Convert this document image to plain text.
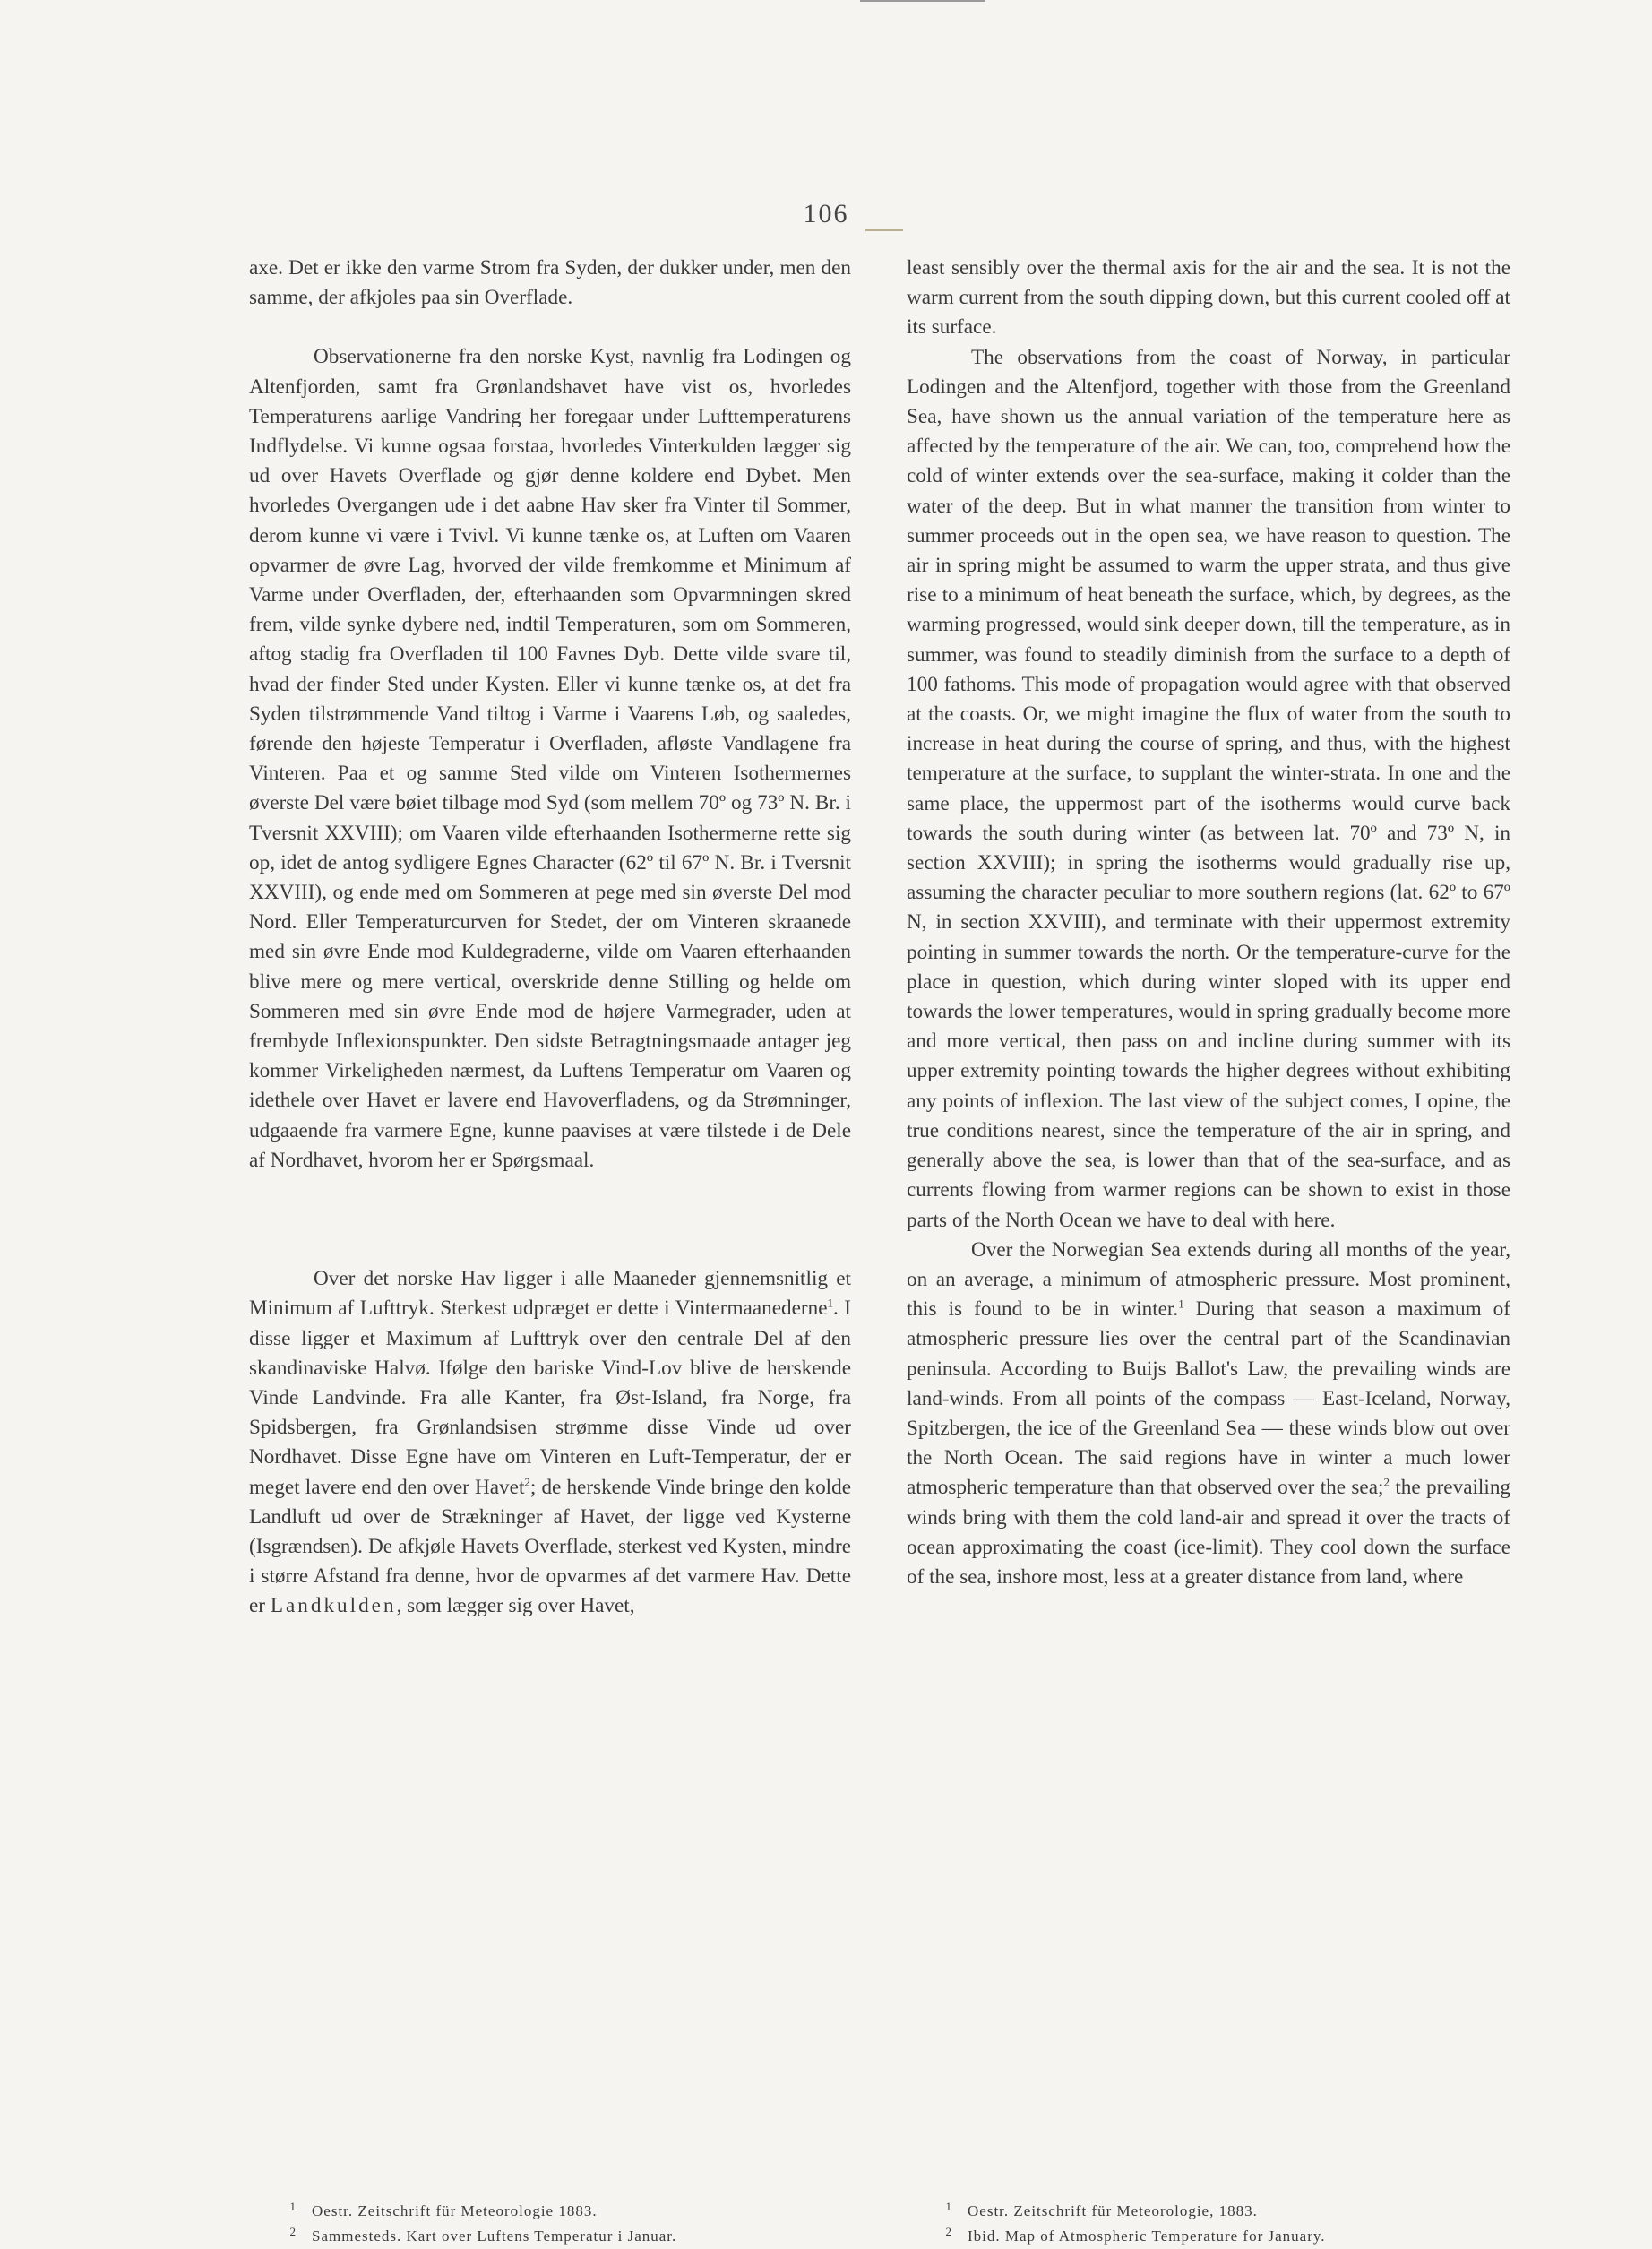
106

axe. Det er ikke den varme Strom fra Syden, der dukker under, men den samme, der afkjoles paa sin Overflade.

Observationerne fra den norske Kyst, navnlig fra Lodingen og Altenfjorden, samt fra Grønlandshavet have vist os, hvorledes Temperaturens aarlige Vandring her foregaar under Lufttemperaturens Indflydelse. Vi kunne ogsaa forstaa, hvorledes Vinterkulden lægger sig ud over Havets Overflade og gjør denne koldere end Dybet. Men hvorledes Overgangen ude i det aabne Hav sker fra Vinter til Sommer, derom kunne vi være i Tvivl. Vi kunne tænke os, at Luften om Vaaren opvarmer de øvre Lag, hvorved der vilde fremkomme et Minimum af Varme under Overfladen, der, efterhaanden som Opvarmningen skred frem, vilde synke dybere ned, indtil Temperaturen, som om Sommeren, aftog stadig fra Overfladen til 100 Favnes Dyb. Dette vilde svare til, hvad der finder Sted under Kysten. Eller vi kunne tænke os, at det fra Syden tilstrømmende Vand tiltog i Varme i Vaarens Løb, og saaledes, førende den højeste Temperatur i Overfladen, afløste Vandlagene fra Vinteren. Paa et og samme Sted vilde om Vinteren Isothermernes øverste Del være bøiet tilbage mod Syd (som mellem 70º og 73º N. Br. i Tversnit XXVIII); om Vaaren vilde efterhaanden Isothermerne rette sig op, idet de antog sydligere Egnes Character (62º til 67º N. Br. i Tversnit XXVIII), og ende med om Sommeren at pege med sin øverste Del mod Nord. Eller Temperaturcurven for Stedet, der om Vinteren skraanede med sin øvre Ende mod Kuldegraderne, vilde om Vaaren efterhaanden blive mere og mere vertical, overskride denne Stilling og helde om Sommeren med sin øvre Ende mod de højere Varmegrader, uden at frembyde Inflexionspunkter. Den sidste Betragtningsmaade antager jeg kommer Virkeligheden nærmest, da Luftens Temperatur om Vaaren og idethele over Havet er lavere end Havoverfladens, og da Strømninger, udgaaende fra varmere Egne, kunne paavises at være tilstede i de Dele af Nordhavet, hvorom her er Spørgsmaal.

Over det norske Hav ligger i alle Maaneder gjennemsnitlig et Minimum af Lufttryk. Sterkest udpræget er dette i Vintermaanederne$^1$. I disse ligger et Maximum af Lufttryk over den centrale Del af den skandinaviske Halvø. Ifølge den bariske Vind-Lov blive de herskende Vinde Landvinde. Fra alle Kanter, fra Øst-Island, fra Norge, fra Spidsbergen, fra Grønlandsisen strømme disse Vinde ud over Nordhavet. Disse Egne have om Vinteren en Luft-Temperatur, der er meget lavere end den over Havet$^2$; de herskende Vinde bringe den kolde Landluft ud over de Strækninger af Havet, der ligge ved Kysterne (Isgrændsen). De afkjøle Havets Overflade, sterkest ved Kysten, mindre i større Afstand fra denne, hvor de opvarmes af det varmere Hav. Dette er Landkulden, som lægger sig over Havet,

least sensibly over the thermal axis for the air and the sea. It is not the warm current from the south dipping down, but this current cooled off at its surface.

The observations from the coast of Norway, in particular Lodingen and the Altenfjord, together with those from the Greenland Sea, have shown us the annual variation of the temperature here as affected by the temperature of the air. We can, too, comprehend how the cold of winter extends over the sea-surface, making it colder than the water of the deep. But in what manner the transition from winter to summer proceeds out in the open sea, we have reason to question. The air in spring might be assumed to warm the upper strata, and thus give rise to a minimum of heat beneath the surface, which, by degrees, as the warming progressed, would sink deeper down, till the temperature, as in summer, was found to steadily diminish from the surface to a depth of 100 fathoms. This mode of propagation would agree with that observed at the coasts. Or, we might imagine the flux of water from the south to increase in heat during the course of spring, and thus, with the highest temperature at the surface, to supplant the winter-strata. In one and the same place, the uppermost part of the isotherms would curve back towards the south during winter (as between lat. 70º and 73º N, in section XXVIII); in spring the isotherms would gradually rise up, assuming the character peculiar to more southern regions (lat. 62º to 67º N, in section XXVIII), and terminate with their uppermost extremity pointing in summer towards the north. Or the temperature-curve for the place in question, which during winter sloped with its upper end towards the lower temperatures, would in spring gradually become more and more vertical, then pass on and incline during summer with its upper extremity pointing towards the higher degrees without exhibiting any points of inflexion. The last view of the subject comes, I opine, the true conditions nearest, since the temperature of the air in spring, and generally above the sea, is lower than that of the sea-surface, and as currents flowing from warmer regions can be shown to exist in those parts of the North Ocean we have to deal with here.

Over the Norwegian Sea extends during all months of the year, on an average, a minimum of atmospheric pressure. Most prominent, this is found to be in winter.$^1$ During that season a maximum of atmospheric pressure lies over the central part of the Scandinavian peninsula. According to Buijs Ballot's Law, the prevailing winds are land-winds. From all points of the compass — East-Iceland, Norway, Spitzbergen, the ice of the Greenland Sea — these winds blow out over the North Ocean. The said regions have in winter a much lower atmospheric temperature than that observed over the sea;$^2$ the prevailing winds bring with them the cold land-air and spread it over the tracts of ocean approximating the coast (ice-limit). They cool down the surface of the sea, inshore most, less at a greater distance from land, where

1 Oestr. Zeitschrift für Meteorologie 1883.
2 Sammesteds. Kart over Luftens Temperatur i Januar.
1 Oestr. Zeitschrift für Meteorologie, 1883.
2 Ibid. Map of Atmospheric Temperature for January.
